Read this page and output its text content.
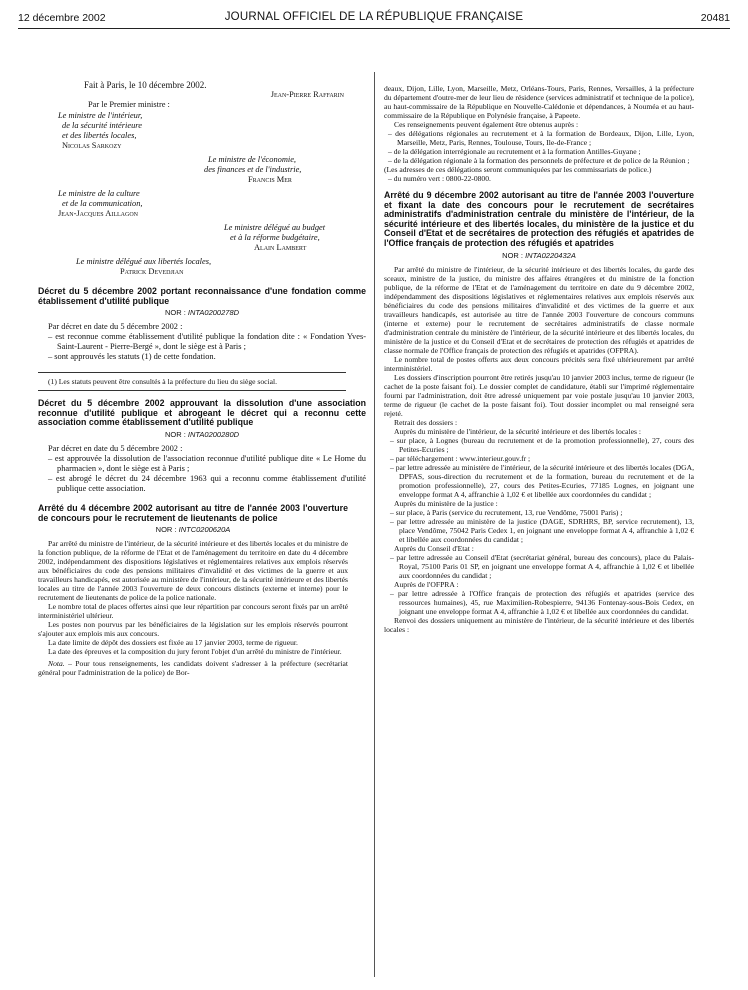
12 décembre 2002	JOURNAL OFFICIEL DE LA RÉPUBLIQUE FRANÇAISE	20481

Fait à Paris, le 10 décembre 2002.

Jean-Pierre Raffarin

Par le Premier ministre :

Le ministre de l'intérieur,

de la sécurité intérieure

et des libertés locales,

Nicolas Sarkozy

Le ministre de l'économie,

des finances et de l'industrie,

Francis Mer

Le ministre de la culture

et de la communication,

Jean-Jacques Aillagon

Le ministre délégué au budget

et à la réforme budgétaire,

Alain Lambert

Le ministre délégué aux libertés locales,

Patrick Devedjian

Décret du 5 décembre 2002 portant reconnaissance d'une fondation comme établissement d'utilité publique

NOR : INTA0200278D

Par décret en date du 5 décembre 2002 :

– est reconnue comme établissement d'utilité publique la fondation dite : « Fondation Yves-Saint-Laurent - Pierre-Bergé », dont le siège est à Paris ;

– sont approuvés les statuts (1) de cette fondation.

(1) Les statuts peuvent être consultés à la préfecture du lieu du siège social.

Décret du 5 décembre 2002 approuvant la dissolution d'une association reconnue d'utilité publique et abrogeant le décret qui a reconnu cette association comme établissement d'utilité publique

NOR : INTA0200280D

Par décret en date du 5 décembre 2002 :

– est approuvée la dissolution de l'association reconnue d'utilité publique dite « Le Home du pharmacien », dont le siège est à Paris ;

– est abrogé le décret du 24 décembre 1963 qui a reconnu comme établissement d'utilité publique cette association.

Arrêté du 4 décembre 2002 autorisant au titre de l'année 2003 l'ouverture de concours pour le recrutement de lieutenants de police

NOR : INTC0200620A

Par arrêté du ministre de l'intérieur, de la sécurité intérieure et des libertés locales et du ministre de la fonction publique, de la réforme de l'Etat et de l'aménagement du territoire en date du 4 décembre 2002, indépendamment des dispositions législatives et réglementaires relatives aux emplois réservés aux bénéficiaires du code des pensions militaires d'invalidité et des victimes de la guerre et aux travailleurs handicapés, est autorisée au ministère de l'intérieur, de la sécurité intérieure et des libertés locales au titre de l'année 2003 l'ouverture de deux concours distincts (externe et interne) pour le recrutement de lieutenants de police de la police nationale.

Le nombre total de places offertes ainsi que leur répartition par concours seront fixés par un arrêté interministériel ultérieur.

Les postes non pourvus par les bénéficiaires de la législation sur les emplois réservés pourront s'ajouter aux emplois mis aux concours.

La date limite de dépôt des dossiers est fixée au 17 janvier 2003, terme de rigueur.

La date des épreuves et la composition du jury feront l'objet d'un arrêté du ministre de l'intérieur.

Nota. – Pour tous renseignements, les candidats doivent s'adresser à la préfecture (secrétariat général pour l'administration de la police) de Bor-

deaux, Dijon, Lille, Lyon, Marseille, Metz, Orléans-Tours, Paris, Rennes, Versailles, à la préfecture du département d'outre-mer de leur lieu de résidence (services administratif et technique de la police), au haut-commissaire de la République en Nouvelle-Calédonie et dépendances, à Nouméa et au haut-commissaire de la République en Polynésie française, à Papeete.

Ces renseignements peuvent également être obtenus auprès :

– des délégations régionales au recrutement et à la formation de Bordeaux, Dijon, Lille, Lyon, Marseille, Metz, Paris, Rennes, Toulouse, Tours, Ile-de-France ;

– de la délégation interrégionale au recrutement et à la formation Antilles-Guyane ;

– de la délégation régionale à la formation des personnels de préfecture et de police de la Réunion ;

(Les adresses de ces délégations seront communiquées par les commissariats de police.)

– du numéro vert : 0800-22-0800.

Arrêté du 9 décembre 2002 autorisant au titre de l'année 2003 l'ouverture et fixant la date des concours pour le recrutement de secrétaires administratifs d'administration centrale du ministère de l'intérieur, de la sécurité intérieure et des libertés locales, du ministère de la justice et du Conseil d'Etat et de secrétaires de protection des réfugiés et apatrides de l'Office français de protection des réfugiés et apatrides

NOR : INTA0220432A

Par arrêté du ministre de l'intérieur, de la sécurité intérieure et des libertés locales, du garde des sceaux, ministre de la justice, du ministre des affaires étrangères et du ministre de la fonction publique, de la réforme de l'Etat et de l'aménagement du territoire en date du 9 décembre 2002, indépendamment des dispositions législatives et réglementaires relatives aux emplois réservés aux bénéficiaires du code des pensions militaires d'invalidité et des victimes de la guerre et aux travailleurs handicapés, est autorisée au titre de l'année 2003 l'ouverture de concours communs (interne et externe) pour le recrutement de secrétaires administratifs de classe normale d'administration centrale du ministère de l'intérieur, de la sécurité intérieure et des libertés locales, du ministère de la justice et du Conseil d'Etat et de secrétaires de protection des réfugiés et apatrides de classe normale de l'Office français de protection des réfugiés et apatrides (OFPRA).

Le nombre total de postes offerts aux deux concours précités sera fixé ultérieurement par arrêté interministériel.

Les dossiers d'inscription pourront être retirés jusqu'au 10 janvier 2003 inclus, terme de rigueur (le cachet de la poste faisant foi). Le dossier complet de candidature, établi sur l'imprimé réglementaire fourni par l'administration, doit être adressé uniquement par voie postale jusqu'au 10 janvier 2003, terme de rigueur (le cachet de la poste faisant foi). Tout dossier incomplet ou mal renseigné sera rejeté.

Retrait des dossiers :

Auprès du ministère de l'intérieur, de la sécurité intérieure et des libertés locales :

– sur place, à Lognes (bureau du recrutement et de la promotion professionnelle), 27, cours des Petites-Ecuries ;

– par téléchargement : www.interieur.gouv.fr ;

– par lettre adressée au ministère de l'intérieur, de la sécurité intérieure et des libertés locales (DGA, DPFAS, sous-direction du recrutement et de la formation, bureau du recrutement et de la promotion professionnelle), 27, cours des Petites-Ecuries, 77185 Lognes, en joignant une enveloppe format A 4, affranchie à 1,02 € et libellée aux coordonnées du candidat ;

Auprès du ministère de la justice :

– sur place, à Paris (service du recrutement, 13, rue Vendôme, 75001 Paris) ;

– par lettre adressée au ministère de la justice (DAGE, SDRHRS, BP, service recrutement), 13, place Vendôme, 75042 Paris Cedex 1, en joignant une enveloppe format A 4, affranchie à 1,02 € et libellée aux coordonnées du candidat ;

Auprès du Conseil d'Etat :

– par lettre adressée au Conseil d'Etat (secrétariat général, bureau des concours), place du Palais-Royal, 75100 Paris 01 SP, en joignant une enveloppe format A 4, affranchie à 1,02 € et libellée aux coordonnées du candidat ;

Auprès de l'OFPRA :

– par lettre adressée à l'Office français de protection des réfugiés et apatrides (service des ressources humaines), 45, rue Maximilien-Robespierre, 94136 Fontenay-sous-Bois Cedex, en joignant une enveloppe format A 4, affranchie à 1,02 € et libellée aux coordonnées du candidat.

Renvoi des dossiers uniquement au ministère de l'intérieur, de la sécurité intérieure et des libertés locales :
